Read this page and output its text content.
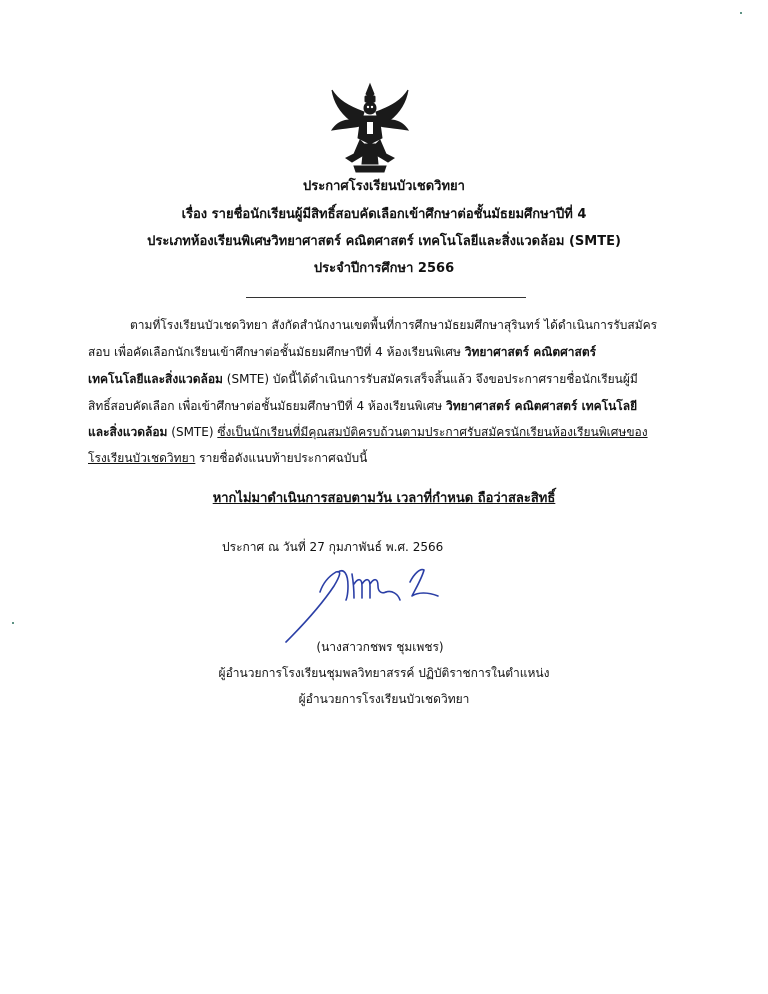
ประกาศโรงเรียนบัวเชดวิทยา
เรื่อง รายชื่อนักเรียนผู้มีสิทธิ์สอบคัดเลือกเข้าศึกษาต่อชั้นมัธยมศึกษาปีที่ 4
ประเภทห้องเรียนพิเศษวิทยาศาสตร์ คณิตศาสตร์ เทคโนโลยีและสิ่งแวดล้อม (SMTE)
ประจำปีการศึกษา 2566
ตามที่โรงเรียนบัวเชดวิทยา สังกัดสำนักงานเขตพื้นที่การศึกษามัธยมศึกษาสุรินทร์ ได้ดำเนินการรับสมัคร
สอบ เพื่อคัดเลือกนักเรียนเข้าศึกษาต่อชั้นมัธยมศึกษาปีที่ 4 ห้องเรียนพิเศษ วิทยาศาสตร์ คณิตศาสตร์
เทคโนโลยีและสิ่งแวดล้อม (SMTE) บัดนี้ได้ดำเนินการรับสมัครเสร็จสิ้นแล้ว จึงขอประกาศรายชื่อนักเรียนผู้มี
สิทธิ์สอบคัดเลือก เพื่อเข้าศึกษาต่อชั้นมัธยมศึกษาปีที่ 4 ห้องเรียนพิเศษ วิทยาศาสตร์ คณิตศาสตร์ เทคโนโลยี
และสิ่งแวดล้อม (SMTE) ซึ่งเป็นนักเรียนที่มีคุณสมบัติครบถ้วนตามประกาศรับสมัครนักเรียนห้องเรียนพิเศษของ
โรงเรียนบัวเชดวิทยา รายชื่อดังแนบท้ายประกาศฉบับนี้
หากไม่มาดำเนินการสอบตามวัน เวลาที่กำหนด ถือว่าสละสิทธิ์
ประกาศ ณ วันที่ 27 กุมภาพันธ์ พ.ศ. 2566
(นางสาวกชพร ชุมเพชร)
ผู้อำนวยการโรงเรียนชุมพลวิทยาสรรค์ ปฏิบัติราชการในตำแหน่ง
ผู้อำนวยการโรงเรียนบัวเชดวิทยา
